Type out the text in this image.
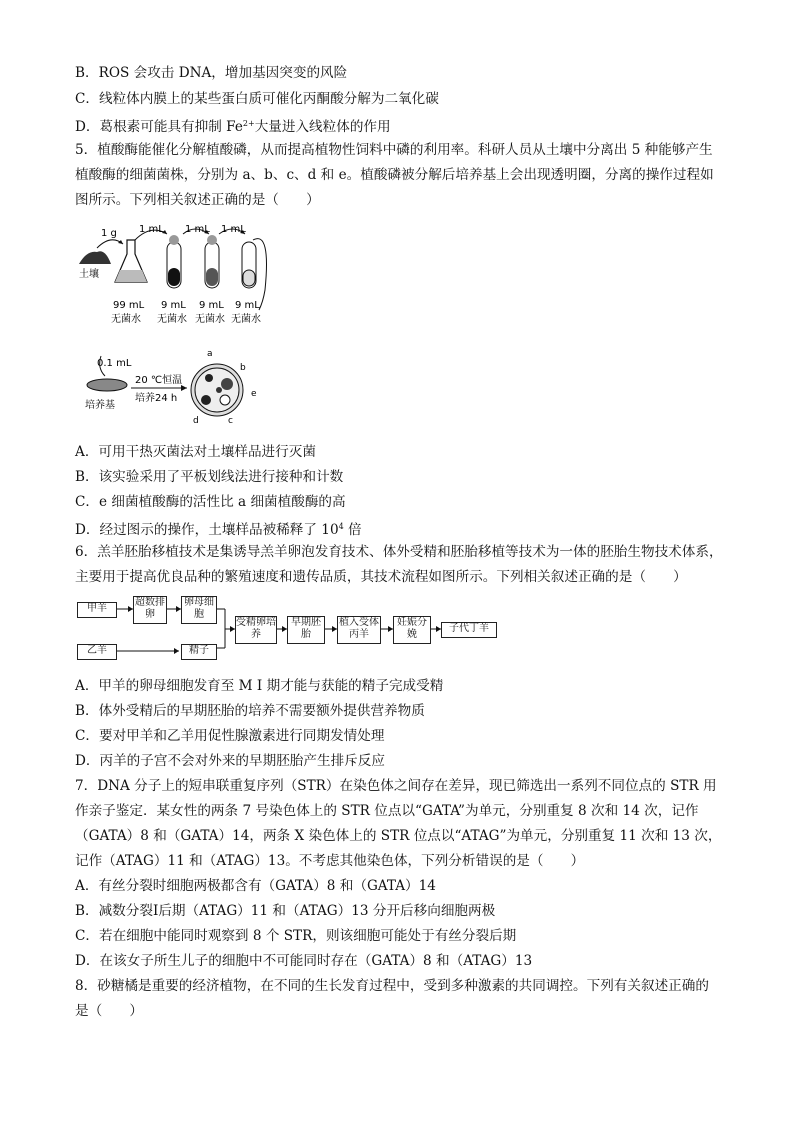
B．ROS 会攻击 DNA，增加基因突变的风险
C．线粒体内膜上的某些蛋白质可催化丙酮酸分解为二氧化碳
D．葛根素可能具有抑制 $Fe^{2+}$大量进入线粒体的作用
5．植酸酶能催化分解植酸磷，从而提高植物性饲料中磷的利用率。科研人员从土壤中分离出 5 种能够产生
植酸酶的细菌菌株，分别为 a、b、c、d 和 e。植酸磷被分解后培养基上会出现透明圈，分离的操作过程如
图所示。下列相关叙述正确的是（　　）
土壤
1 g 1 mL 1 mL 1 mL
99 mL
无菌水
9 mL
无菌水
9 mL
无菌水
9 mL
无菌水
0.1 mL
培养基
20 ℃恒温
培养24 h
a
b
e
d	c
A．可用干热灭菌法对土壤样品进行灭菌
B．该实验采用了平板划线法进行接种和计数
C．e 细菌植酸酶的活性比 a 细菌植酸酶的高
D．经过图示的操作，土壤样品被稀释了 $10^4$ 倍
6．羔羊胚胎移植技术是集诱导羔羊卵泡发育技术、体外受精和胚胎移植等技术为一体的胚胎生物技术体系，
主要用于提高优良品种的繁殖速度和遗传品质，其技术流程如图所示。下列相关叙述正确的是（　　）
甲羊
超数排卵
卵母细胞
乙羊	精子
受精卵培养
早期胚胎
植入受体丙羊
妊娠分娩
子代丁羊
A．甲羊的卵母细胞发育至 M Ⅰ 期才能与获能的精子完成受精
B．体外受精后的早期胚胎的培养不需要额外提供营养物质
C．要对甲羊和乙羊用促性腺激素进行同期发情处理
D．丙羊的子宫不会对外来的早期胚胎产生排斥反应
7．DNA 分子上的短串联重复序列（STR）在染色体之间存在差异，现已筛选出一系列不同位点的 STR 用
作亲子鉴定．某女性的两条 7 号染色体上的 STR 位点以“GATA”为单元，分别重复 8 次和 14 次，记作
（GATA）8 和（GATA）14，两条 X 染色体上的 STR 位点以“ATAG”为单元，分别重复 11 次和 13 次，
记作（ATAG）11 和（ATAG）13。不考虑其他染色体，下列分析错误的是（　　）
A．有丝分裂时细胞两极都含有（GATA）8 和（GATA）14
B．减数分裂Ⅰ后期（ATAG）11 和（ATAG）13 分开后移向细胞两极
C．若在细胞中能同时观察到 8 个 STR，则该细胞可能处于有丝分裂后期
D．在该女子所生儿子的细胞中不可能同时存在（GATA）8 和（ATAG）13
8．砂糖橘是重要的经济植物，在不同的生长发育过程中，受到多种激素的共同调控。下列有关叙述正确的
是（　　）
